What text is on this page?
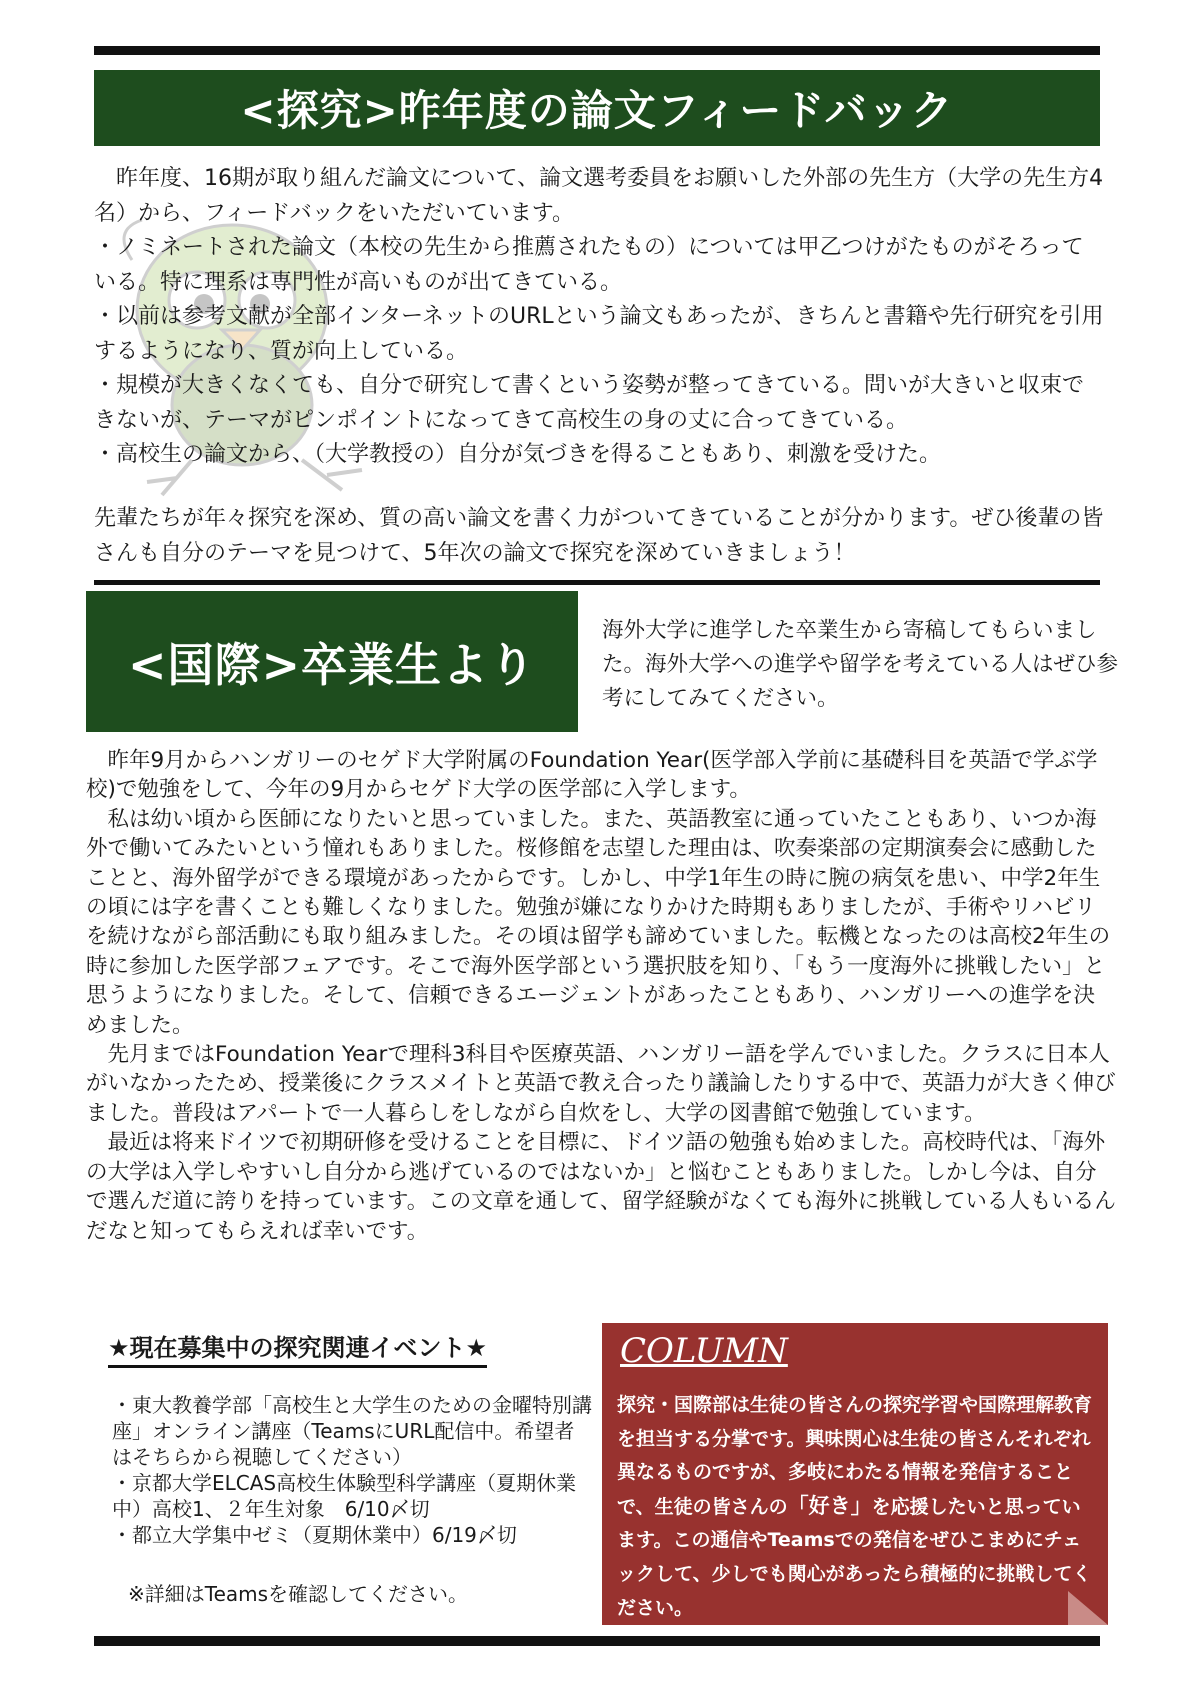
<探究>昨年度の論文フィードバック

昨年度、16期が取り組んだ論文について、論文選考委員をお願いした外部の先生方（大学の先生方4名）から、フィードバックをいただいています。

・ノミネートされた論文（本校の先生から推薦されたもの）については甲乙つけがたものがそろっている。特に理系は専門性が高いものが出てきている。

・以前は参考文献が全部インターネットのURLという論文もあったが、きちんと書籍や先行研究を引用するようになり、質が向上している。

・規模が大きくなくても、自分で研究して書くという姿勢が整ってきている。問いが大きいと収束できないが、テーマがピンポイントになってきて高校生の身の丈に合ってきている。

・高校生の論文から、（大学教授の）自分が気づきを得ることもあり、刺激を受けた。

先輩たちが年々探究を深め、質の高い論文を書く力がついてきていることが分かります。ぜひ後輩の皆さんも自分のテーマを見つけて、5年次の論文で探究を深めていきましょう！

<国際>卒業生より
海外大学に進学した卒業生から寄稿してもらいました。海外大学への進学や留学を考えている人はぜひ参考にしてみてください。

昨年9月からハンガリーのセゲド大学附属のFoundation Year(医学部入学前に基礎科目を英語で学ぶ学校)で勉強をして、今年の9月からセゲド大学の医学部に入学します。

私は幼い頃から医師になりたいと思っていました。また、英語教室に通っていたこともあり、いつか海外で働いてみたいという憧れもありました。桜修館を志望した理由は、吹奏楽部の定期演奏会に感動したことと、海外留学ができる環境があったからです。しかし、中学1年生の時に腕の病気を患い、中学2年生の頃には字を書くことも難しくなりました。勉強が嫌になりかけた時期もありましたが、手術やリハビリを続けながら部活動にも取り組みました。その頃は留学も諦めていました。転機となったのは高校2年生の時に参加した医学部フェアです。そこで海外医学部という選択肢を知り、「もう一度海外に挑戦したい」と思うようになりました。そして、信頼できるエージェントがあったこともあり、ハンガリーへの進学を決めました。

先月まではFoundation Yearで理科3科目や医療英語、ハンガリー語を学んでいました。クラスに日本人がいなかったため、授業後にクラスメイトと英語で教え合ったり議論したりする中で、英語力が大きく伸びました。普段はアパートで一人暮らしをしながら自炊をし、大学の図書館で勉強しています。

最近は将来ドイツで初期研修を受けることを目標に、ドイツ語の勉強も始めました。高校時代は、「海外の大学は入学しやすいし自分から逃げているのではないか」と悩むこともありました。しかし今は、自分で選んだ道に誇りを持っています。この文章を通して、留学経験がなくても海外に挑戦している人もいるんだなと知ってもらえれば幸いです。

★現在募集中の探究関連イベント★

・東大教養学部「高校生と大学生のための金曜特別講座」オンライン講座（TeamsにURL配信中。希望者はそちらから視聴してください）

・京都大学ELCAS高校生体験型科学講座（夏期休業中）高校1、２年生対象　6/10〆切

・都立大学集中ゼミ（夏期休業中）6/19〆切

※詳細はTeamsを確認してください。
COLUMN
探究・国際部は生徒の皆さんの探究学習や国際理解教育を担当する分掌です。興味関心は生徒の皆さんそれぞれ異なるものですが、多岐にわたる情報を発信することで、生徒の皆さんの「好き」を応援したいと思っています。この通信やTeamsでの発信をぜひこまめにチェックして、少しでも関心があったら積極的に挑戦してください。
